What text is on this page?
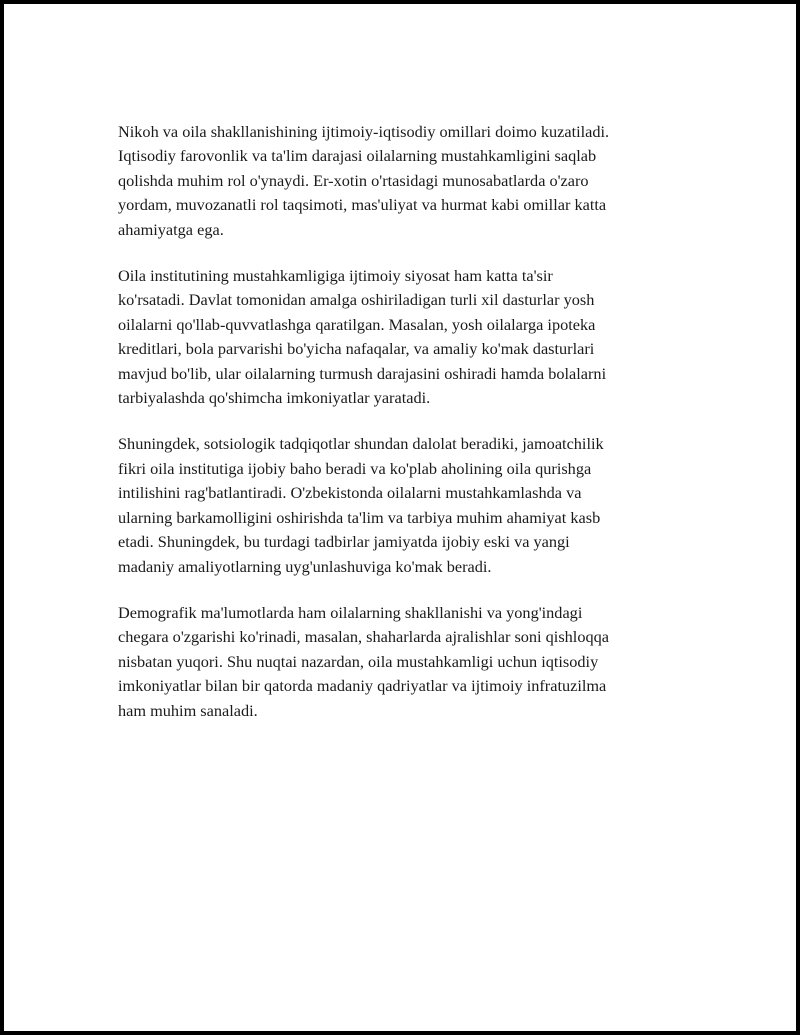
Nikoh va oila shakllanishining ijtimoiy-iqtisodiy omillari doimo kuzatiladi.
Iqtisodiy farovonlik va ta'lim darajasi oilalarning mustahkamligini saqlab
qolishda muhim rol o'ynaydi. Er-xotin o'rtasidagi munosabatlarda o'zaro
yordam, muvozanatli rol taqsimoti, mas'uliyat va hurmat kabi omillar katta
ahamiyatga ega.

Oila institutining mustahkamligiga ijtimoiy siyosat ham katta ta'sir
ko'rsatadi. Davlat tomonidan amalga oshiriladigan turli xil dasturlar yosh
oilalarni qo'llab-quvvatlashga qaratilgan. Masalan, yosh oilalarga ipoteka
kreditlari, bola parvarishi bo'yicha nafaqalar, va amaliy ko'mak dasturlari
mavjud bo'lib, ular oilalarning turmush darajasini oshiradi hamda bolalarni
tarbiyalashda qo'shimcha imkoniyatlar yaratadi.

Shuningdek, sotsiologik tadqiqotlar shundan dalolat beradiki, jamoatchilik
fikri oila institutiga ijobiy baho beradi va ko'plab aholining oila qurishga
intilishini rag'batlantiradi. O'zbekistonda oilalarni mustahkamlashda va
ularning barkamolligini oshirishda ta'lim va tarbiya muhim ahamiyat kasb
etadi. Shuningdek, bu turdagi tadbirlar jamiyatda ijobiy eski va yangi
madaniy amaliyotlarning uyg'unlashuviga ko'mak beradi.

Demografik ma'lumotlarda ham oilalarning shakllanishi va yong'indagi
chegara o'zgarishi ko'rinadi, masalan, shaharlarda ajralishlar soni qishloqqa
nisbatan yuqori. Shu nuqtai nazardan, oila mustahkamligi uchun iqtisodiy
imkoniyatlar bilan bir qatorda madaniy qadriyatlar va ijtimoiy infratuzilma
ham muhim sanaladi.
